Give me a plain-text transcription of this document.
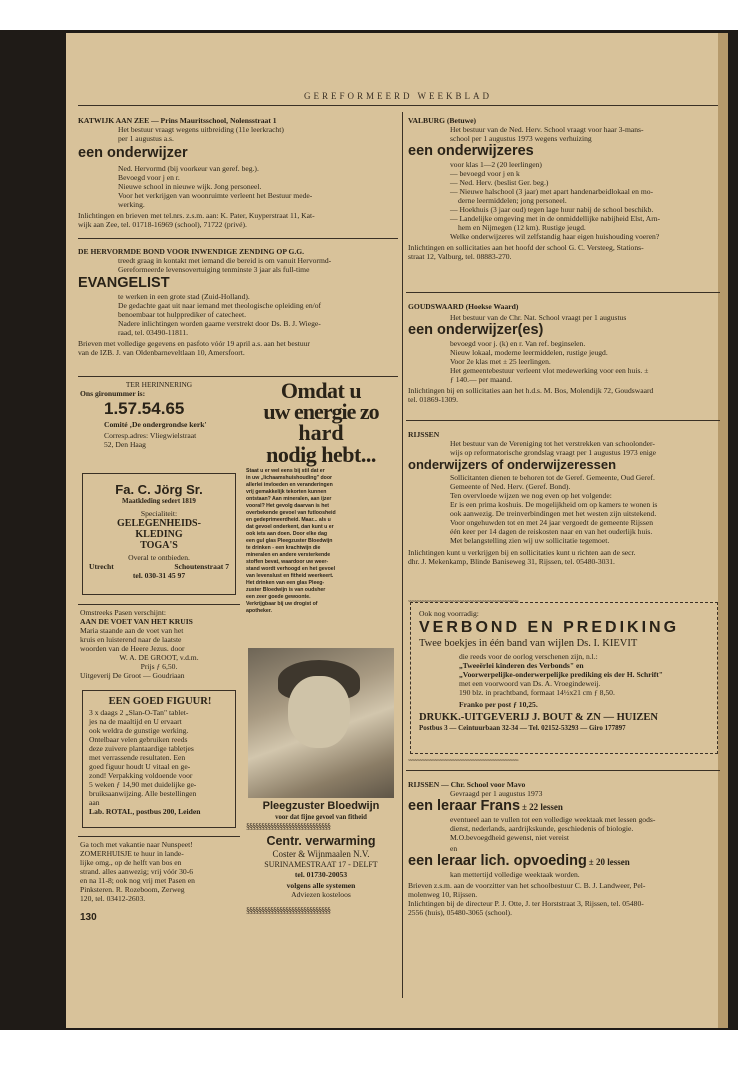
GEREFORMEERD WEEKBLAD
KATWIJK AAN ZEE — Prins Mauritsschool, Nolensstraat 1
Het bestuur vraagt wegens uitbreiding (11e leerkracht)
per 1 augustus a.s.
een onderwijzer
Ned. Hervormd (bij voorkeur van geref. beg.).
Bevoegd voor j en r.
Nieuwe school in nieuwe wijk. Jong personeel.
Voor het verkrijgen van woonruimte verleent het Bestuur mede-
werking.
Inlichtingen en brieven met tel.nrs. z.s.m. aan: K. Pater, Kuyperstraat 11, Kat-
wijk aan Zee, tel. 01718-16969 (school), 71722 (privé).
DE HERVORMDE BOND VOOR INWENDIGE ZENDING OP G.G.
treedt graag in kontakt met iemand die bereid is om vanuit Hervormd-
Gereformeerde levensovertuiging tenminste 3 jaar als full-time
EVANGELIST
te werken in een grote stad (Zuid-Holland).
De gedachte gaat uit naar iemand met theologische opleiding en/of
benoembaar tot hulpprediker of catecheet.
Nadere inlichtingen worden gaarne verstrekt door Ds. B. J. Wiege-
raad, tel. 03490-11811.
Brieven met volledige gegevens en pasfoto vóór 19 april a.s. aan het bestuur
van de IZB. J. van Oldenbarneveltlaan 10, Amersfoort.
TER HERINNERING
Ons gironummer is:
1.57.54.65
Comité ‚De ondergrondse kerk'
Corresp.adres: Vliegwielstraat
52, Den Haag
Fa. C. Jörg Sr.
Maatkleding sedert 1819
Specialiteit:
GELEGENHEIDS-
KLEDING
TOGA'S
Overal te ontbieden.
Utrecht	Schoutenstraat 7
tel. 030-31 45 97
Omstreeks Pasen verschijnt:
AAN DE VOET VAN HET KRUIS
Maria staande aan de voet van het
kruis en luisterend naar de laatste
woorden van de Heere Jezus. door
W. A. DE GROOT, v.d.m.
Prijs ƒ 6,50.
Uitgeverij De Groot — Goudriaan
EEN GOED FIGUUR!
3 x daags 2 „Slan-O-Tan" tablet-
jes na de maaltijd en U ervaart
ook weldra de gunstige werking.
Ontelbaar velen gebruiken reeds
deze zuivere plantaardige tabletjes
met verrassende resultaten. Een
goed figuur houdt U vitaal en ge-
zond! Verpakking voldoende voor
5 weken ƒ 14,90 met duidelijke ge-
bruiksaanwijzing. Alle bestellingen
aan
Lab. ROTAL, postbus 200, Leiden
Ga toch met vakantie naar Nunspeet!
ZOMERHUISJE te huur in lande-
lijke omg., op de helft van bos en
strand. alles aanwezig; vrij vóór 30-6
en na 11-8; ook nog vrij met Pasen en
Pinksteren. R. Rozeboom, Zerweg
120, tel. 03412-2603.
130
Omdat u
uw energie zo
hard
nodig hebt...
Staat u er wel eens bij stil dat er
in uw „lichaamshuishouding" door
allerlei invloeden en veranderingen
vrij gemakkelijk tekorten kunnen
ontstaan? Aan mineralen, aan ijzer
vooral? Het gevolg daarvan is het
overbekende gevoel van futloosheid
en gedeprimeerdheid. Maar... als u
dat gevoel onderkent, dan kunt u er
ook iets aan doen. Door elke dag
een gul glas Pleegzuster Bloedwijn
te drinken - een krachtwijn die
mineralen en andere versterkende
stoffen bevat, waardoor uw weer-
stand wordt verhoogd en het gevoel
van levenslust en fitheid weerkeert.
Het drinken van een glas Pleeg-
zuster Bloedwijn is van oudsher
een zeer goede gewoonte.
Verkrijgbaar bij uw drogist of
apotheker.
Pleegzuster Bloedwijn
voor dat fijne gevoel van fitheid
§§§§§§§§§§§§§§§§§§§§§§§§§§§§
Centr. verwarming
Coster & Wijnmaalen N.V.
SURINAMESTRAAT 17 - DELFT
tel. 01730-20053
volgens alle systemen
Adviezen kosteloos
§§§§§§§§§§§§§§§§§§§§§§§§§§§§
VALBURG (Betuwe)
Het bestuur van de Ned. Herv. School vraagt voor haar 3-mans-
school per 1 augustus 1973 wegens verhuizing
een onderwijzeres
voor klas 1—2 (20 leerlingen)
— bevoegd voor j en k
— Ned. Herv. (beslist Ger. beg.)
— Nieuwe halschool (3 jaar) met apart handenarbeidlokaal en mo-
derne leermiddelen; jong personeel.
— Hoekhuis (3 jaar oud) tegen lage huur nabij de school beschikb.
— Landelijke omgeving met in de onmiddellijke nabijheid Elst, Arn-
hem en Nijmegen (12 km). Rustige jeugd.
Welke onderwijzeres wil zelfstandig haar eigen huishouding voeren?
Inlichtingen en sollicitaties aan het hoofd der school G. C. Versteeg, Stations-
straat 12, Valburg, tel. 08883-270.
GOUDSWAARD (Hoekse Waard)
Het bestuur van de Chr. Nat. School vraagt per 1 augustus
een onderwijzer(es)
bevoegd voor j. (k) en r. Van ref. beginselen.
Nieuw lokaal, moderne leermiddelen, rustige jeugd.
Voor 2e klas met ± 25 leerlingen.
Het gemeentebestuur verleent vlot medewerking voor een huis. ±
ƒ 140.— per maand.
Inlichtingen bij en sollicitaties aan het h.d.s. M. Bos, Molendijk 72, Goudswaard
tel. 01869-1309.
RIJSSEN
Het bestuur van de Vereniging tot het verstrekken van schoolonder-
wijs op reformatorische grondslag vraagt per 1 augustus 1973 enige
onderwijzers of onderwijzeressen
Sollicitanten dienen te behoren tot de Geref. Gemeente, Oud Geref.
Gemeente of Ned. Herv. (Geref. Bond).
Ten overvloede wijzen we nog even op het volgende:
Er is een prima koshuis. De mogelijkheid om op kamers te wonen is
ook aanwezig. De treinverbindingen met het westen zijn uitstekend.
Voor ongehuwden tot en met 24 jaar vergoedt de gemeente Rijssen
één keer per 14 dagen de reiskosten naar en van het ouderlijk huis.
Met belangstelling zien wij uw sollicitatie tegemoet.
Inlichtingen kunt u verkrijgen bij en sollicitaties kunt u richten aan de secr.
dhr. J. Mekenkamp, Blinde Baniseweg 31, Rijssen, tel. 05480-3031.
˷˷˷˷˷˷˷˷˷˷˷˷˷˷˷˷˷˷˷˷˷˷˷˷˷˷˷˷˷˷˷˷˷˷˷˷˷˷˷˷˷˷˷˷˷˷˷˷˷˷˷˷˷˷˷˷˷˷˷˷˷˷˷˷˷˷
Ook nog voorradig:
VERBOND EN PREDIKING
Twee boekjes in één band van wijlen Ds. I. KIEVIT
die reeds voor de oorlog verschenen zijn, n.l.:
„Tweeërlei kinderen des Verbonds" en
„Voorwerpelijke-onderwerpelijke prediking eis der H. Schrift"
met een voorwoord van Ds. A. Vroegindeweij.
190 blz. in prachtband, formaat 14½x21 cm ƒ 8,50.
Franko per post ƒ 10,25.
DRUKK.-UITGEVERIJ J. BOUT & ZN — HUIZEN
Postbus 3 — Ceintuurbaan 32-34 — Tel. 02152-53293 — Giro 177897
˷˷˷˷˷˷˷˷˷˷˷˷˷˷˷˷˷˷˷˷˷˷˷˷˷˷˷˷˷˷˷˷˷˷˷˷˷˷˷˷˷˷˷˷˷˷˷˷˷˷˷˷˷˷˷˷˷˷˷˷˷˷˷˷˷˷
RIJSSEN — Chr. School voor Mavo
Gevraagd per 1 augustus 1973
een leraar Frans ± 22 lessen
eventueel aan te vullen tot een volledige weektaak met lessen gods-
dienst, nederlands, aardrijkskunde, geschiedenis of biologie.
M.O.bevoegdheid gewenst, niet vereist
en
een leraar lich. opvoeding ± 20 lessen
kan mettertijd volledige weektaak worden.
Brieven z.s.m. aan de voorzitter van het schoolbestuur C. B. J. Landweer, Pel-
molenweg 10, Rijssen.
Inlichtingen bij de directeur P. J. Otte, J. ter Horststraat 3, Rijssen, tel. 05480-
2556 (huis), 05480-3065 (school).
